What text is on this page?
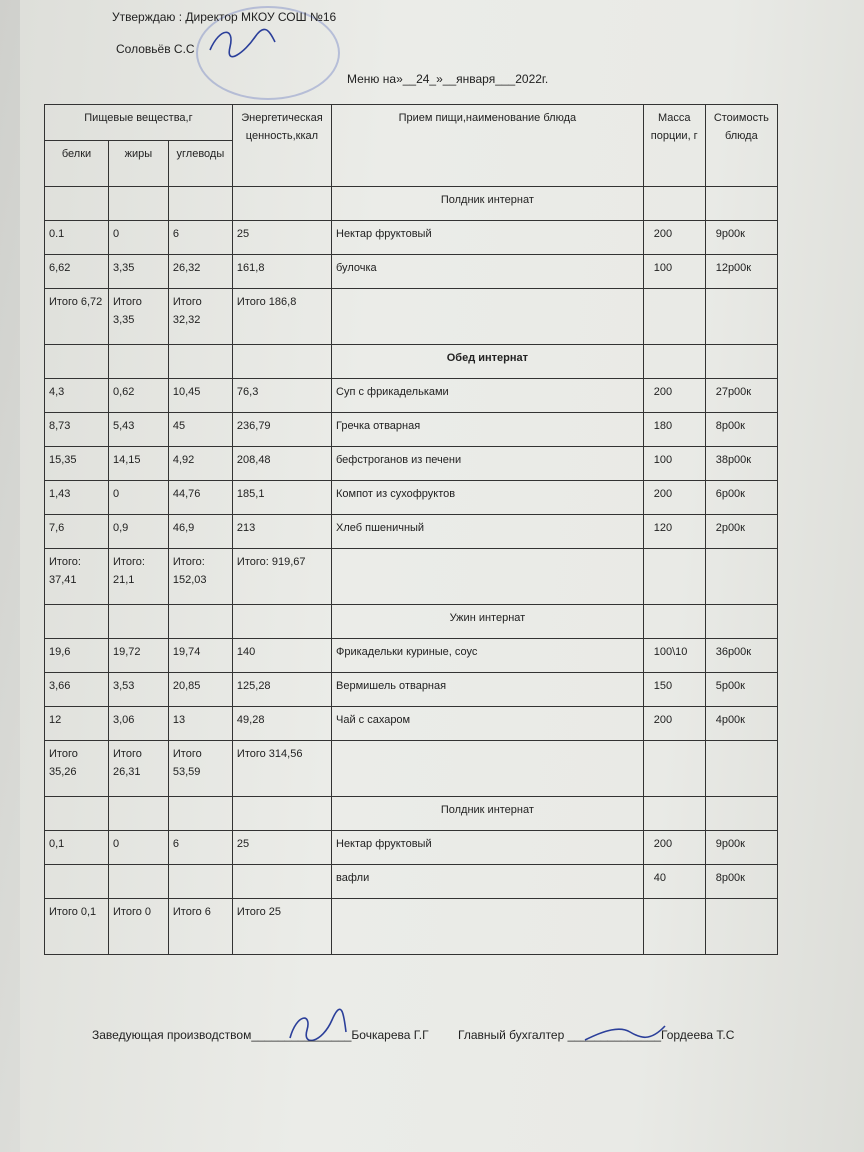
Утверждаю : Директор МКОУ СОШ №16
Соловьёв С.С
Меню на»__24_»__января___2022г.
Пищевые вещества,г			Энергетическая ценность,ккал	Прием пищи,наименование блюда	Масса порции, г	Стоимость блюда
белки	жиры	углеводы				
				Полдник интернат		
0.1	0	6	25	Нектар фруктовый	200	9р00к
6,62	3,35	26,32	161,8	булочка	100	12р00к
Итого 6,72	Итого 3,35	Итого 32,32	Итого 186,8			
				Обед интернат		
4,3	0,62	10,45	76,3	Суп с фрикадельками	200	27р00к
8,73	5,43	45	236,79	Гречка отварная	180	8р00к
15,35	14,15	4,92	208,48	бефстроганов из печени	100	38р00к
1,43	0	44,76	185,1	Компот из сухофруктов	200	6р00к
7,6	0,9	46,9	213	Хлеб пшеничный	120	2р00к
Итого: 37,41	Итого: 21,1	Итого: 152,03	Итого: 919,67			
				Ужин интернат		
19,6	19,72	19,74	140	Фрикадельки куриные, соус	100\10	36р00к
3,66	3,53	20,85	125,28	Вермишель отварная	150	5р00к
12	3,06	13	49,28	Чай с сахаром	200	4р00к
Итого 35,26	Итого 26,31	Итого 53,59	Итого 314,56			
				Полдник интернат		
0,1	0	6	25	Нектар фруктовый	200	9р00к
				вафли	40	8р00к
Итого 0,1	Итого 0	Итого 6	Итого 25			
Заведующая производством_______________Бочкарева Г.Г Главный бухгалтер ______________Гордеева Т.С
